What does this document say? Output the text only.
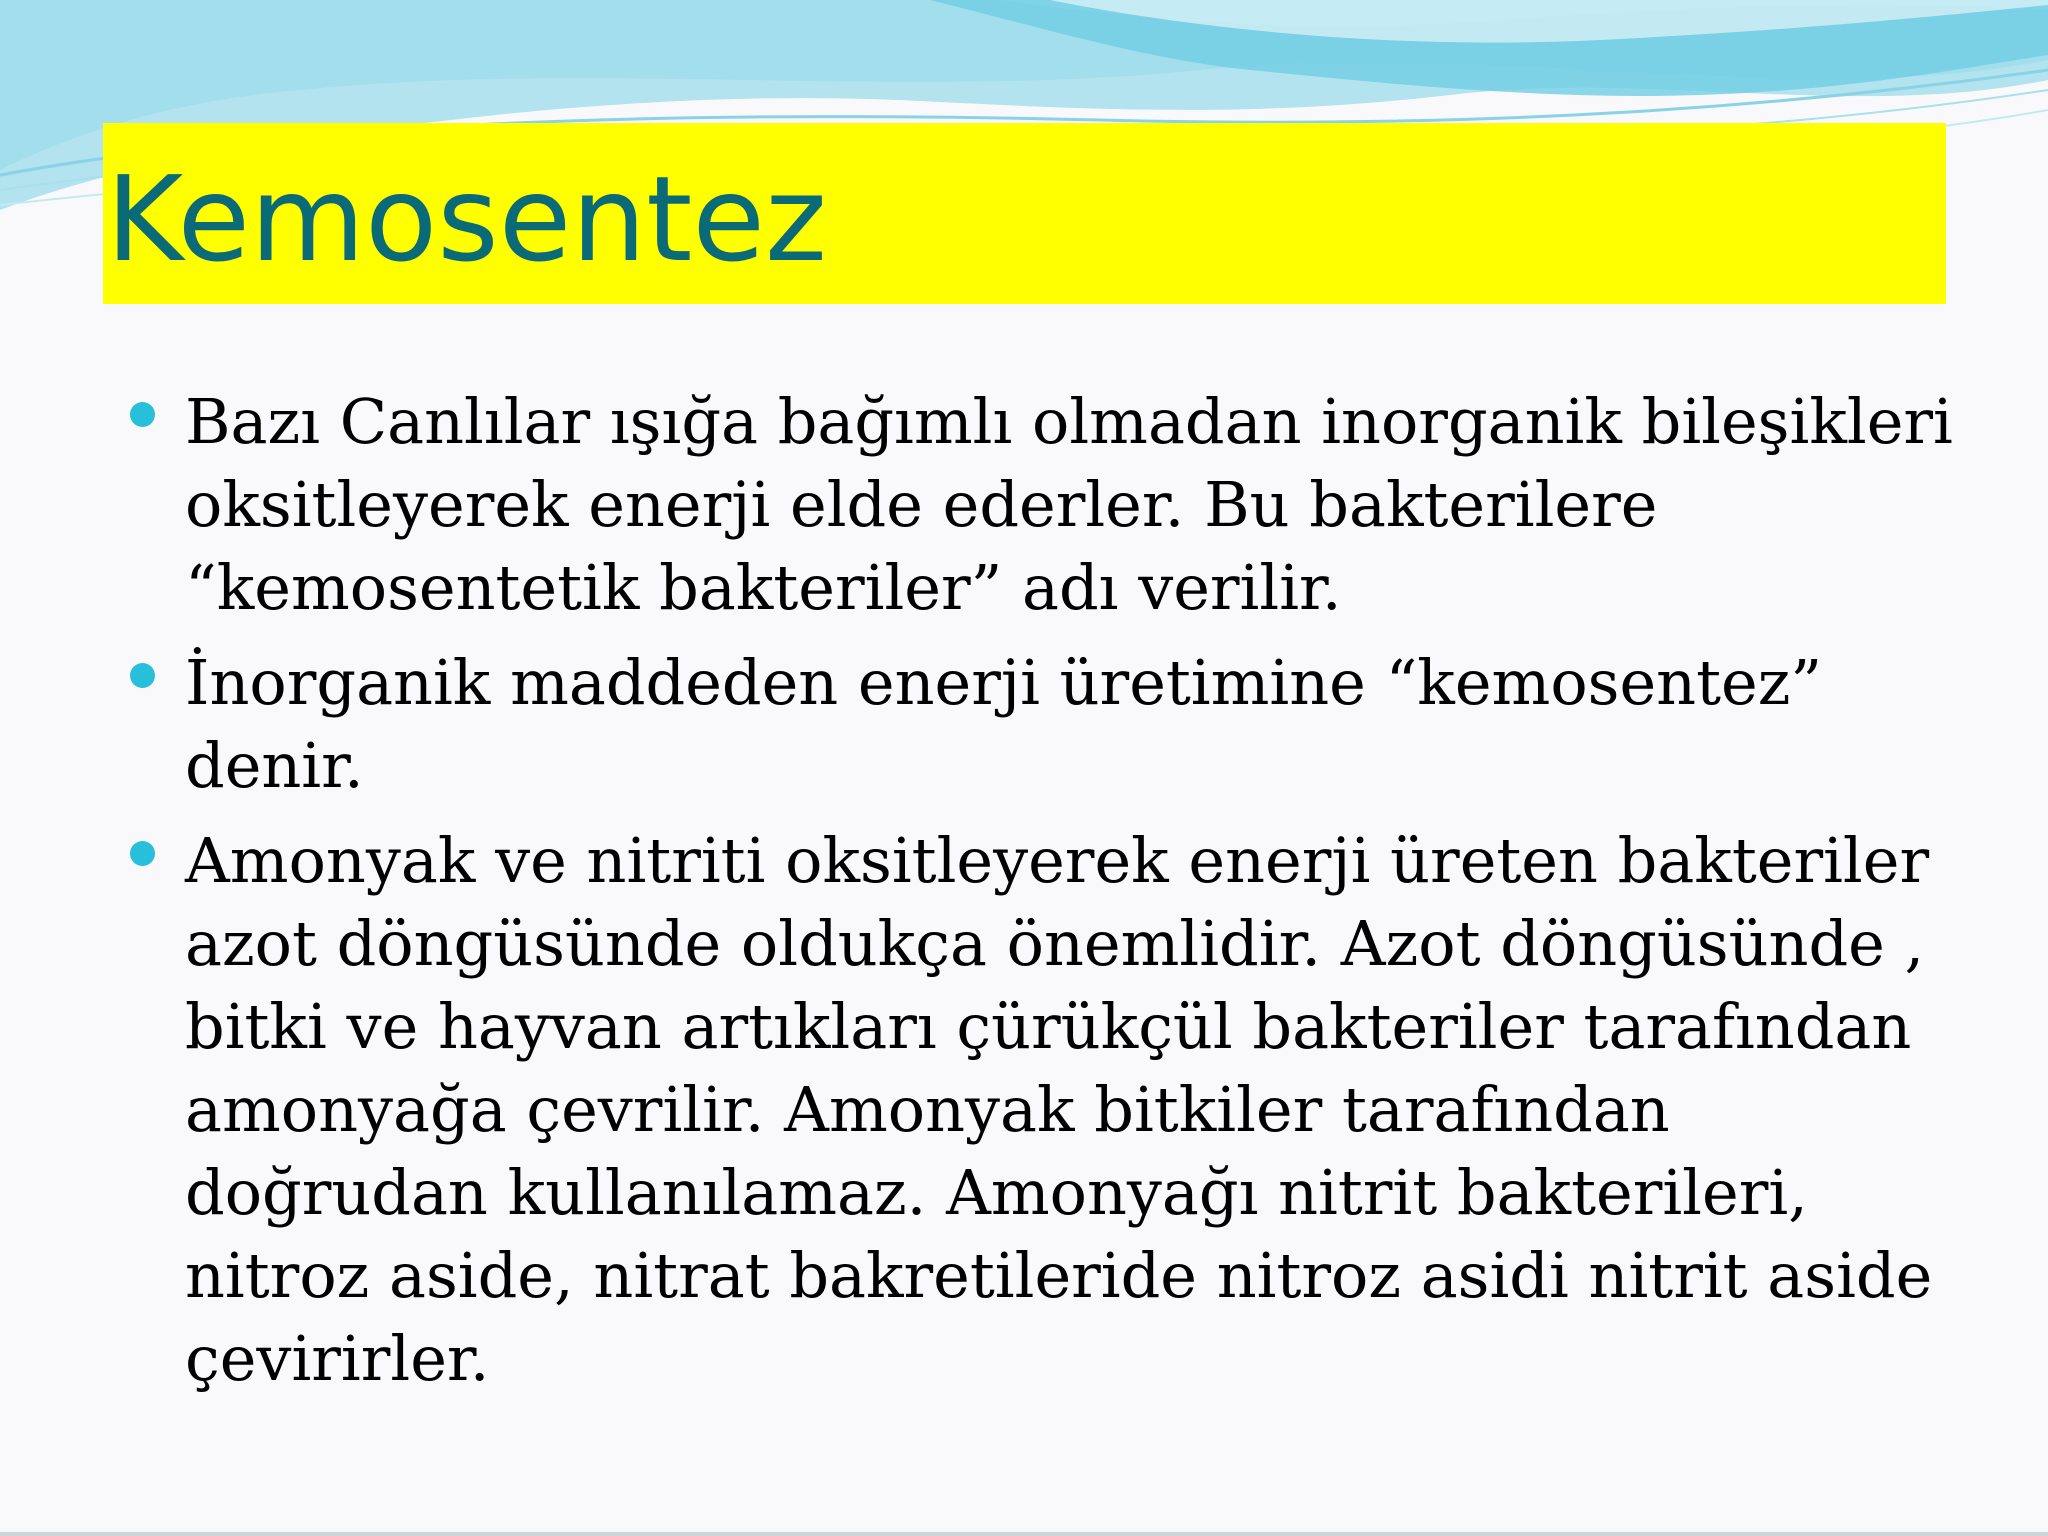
Kemosentez
Bazı Canlılar ışığa bağımlı olmadan inorganik bileşikleri
oksitleyerek enerji elde ederler. Bu bakterilere
“kemosentetik bakteriler” adı verilir.
İnorganik maddeden enerji üretimine “kemosentez”
denir.
Amonyak ve nitriti oksitleyerek enerji üreten bakteriler
azot döngüsünde oldukça önemlidir. Azot döngüsünde ,
bitki ve hayvan artıkları çürükçül bakteriler tarafından
amonyağa çevrilir. Amonyak bitkiler tarafından
doğrudan kullanılamaz. Amonyağı nitrit bakterileri,
nitroz aside, nitrat bakretileride nitroz asidi nitrit aside
çevirirler.
